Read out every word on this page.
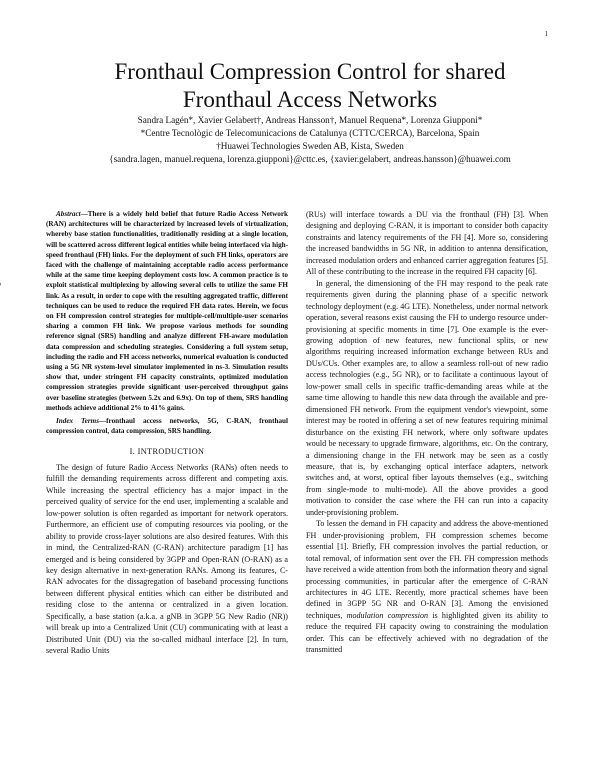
1
Fronthaul Compression Control for shared
Fronthaul Access Networks
Sandra Lagén*, Xavier Gelabert†, Andreas Hansson†, Manuel Requena*, Lorenza Giupponi*
*Centre Tecnològic de Telecomunicacions de Catalunya (CTTC/CERCA), Barcelona, Spain
†Huawei Technologies Sweden AB, Kista, Sweden
{sandra.lagen, manuel.requena, lorenza.giupponi}@cttc.es, {xavier.gelabert, andreas.hansson}@huawei.com

Abstract—There is a widely held belief that future Radio Access Network (RAN) architectures will be characterized by increased levels of virtualization, whereby base station functionalities, traditionally residing at a single location, will be scattered across different logical entities while being interfaced via high-speed fronthaul (FH) links. For the deployment of such FH links, operators are faced with the challenge of maintaining acceptable radio access performance while at the same time keeping deployment costs low. A common practice is to exploit statistical multiplexing by allowing several cells to utilize the same FH link. As a result, in order to cope with the resulting aggregated traffic, different techniques can be used to reduce the required FH data rates. Herein, we focus on FH compression control strategies for multiple-cell/multiple-user scenarios sharing a common FH link. We propose various methods for sounding reference signal (SRS) handling and analyze different FH-aware modulation data compression and scheduling strategies. Considering a full system setup, including the radio and FH access networks, numerical evaluation is conducted using a 5G NR system-level simulator implemented in ns-3. Simulation results show that, under stringent FH capacity constraints, optimized modulation compression strategies provide significant user-perceived throughput gains over baseline strategies (between 5.2x and 6.9x). On top of them, SRS handling methods achieve additional 2% to 41% gains.

Index Terms—fronthaul access networks, 5G, C-RAN, fronthaul compression control, data compression, SRS handling.

I. INTRODUCTION

The design of future Radio Access Networks (RANs) often needs to fulfill the demanding requirements across different and competing axis. While increasing the spectral efficiency has a major impact in the perceived quality of service for the end user, implementing a scalable and low-power solution is often regarded as important for network operators. Furthermore, an efficient use of computing resources via pooling, or the ability to provide cross-layer solutions are also desired features. With this in mind, the Centralized-RAN (C-RAN) architecture paradigm [1] has emerged and is being considered by 3GPP and Open-RAN (O-RAN) as a key design alternative in next-generation RANs. Among its features, C-RAN advocates for the dissagregation of baseband processing functions between different physical entities which can either be distributed and residing close to the antenna or centralized in a given location. Specifically, a base station (a.k.a. a gNB in 3GPP 5G New Radio (NR)) will break up into a Centralized Unit (CU) communicating with at least a Distributed Unit (DU) via the so-called midhaul interface [2]. In turn, several Radio Units

(RUs) will interface towards a DU via the fronthaul (FH) [3]. When designing and deploying C-RAN, it is important to consider both capacity constraints and latency requirements of the FH [4]. More so, considering the increased bandwidths in 5G NR, in addition to antenna densification, increased modulation orders and enhanced carrier aggregation features [5]. All of these contributing to the increase in the required FH capacity [6].

In general, the dimensioning of the FH may respond to the peak rate requirements given during the planning phase of a specific network technology deployment (e.g. 4G LTE). Nonetheless, under normal network operation, several reasons exist causing the FH to undergo resource under-provisioning at specific moments in time [7]. One example is the ever-growing adoption of new features, new functional splits, or new algorithms requiring increased information exchange between RUs and DUs/CUs. Other examples are, to allow a seamless roll-out of new radio access technologies (e.g., 5G NR), or to facilitate a continuous layout of low-power small cells in specific traffic-demanding areas while at the same time allowing to handle this new data through the available and pre-dimensioned FH network. From the equipment vendor's viewpoint, some interest may be rooted in offering a set of new features requiring minimal disturbance on the existing FH network, where only software updates would be necessary to upgrade firmware, algorithms, etc. On the contrary, a dimensioning change in the FH network may be seen as a costly measure, that is, by exchanging optical interface adapters, network switches and, at worst, optical fiber layouts themselves (e.g., switching from single-mode to multi-mode). All the above provides a good motivation to consider the case where the FH can run into a capacity under-provisioning problem.

To lessen the demand in FH capacity and address the above-mentioned FH under-provisioning problem, FH compression schemes become essential [1]. Briefly, FH compression involves the partial reduction, or total removal, of information sent over the FH. FH compression methods have received a wide attention from both the information theory and signal processing communities, in particular after the emergence of C-RAN architectures in 4G LTE. Recently, more practical schemes have been defined in 3GPP 5G NR and O-RAN [3]. Among the envisioned techniques, modulation compression is highlighted given its ability to reduce the required FH capacity owing to constraining the modulation order. This can be effectively achieved with no degradation of the transmitted
